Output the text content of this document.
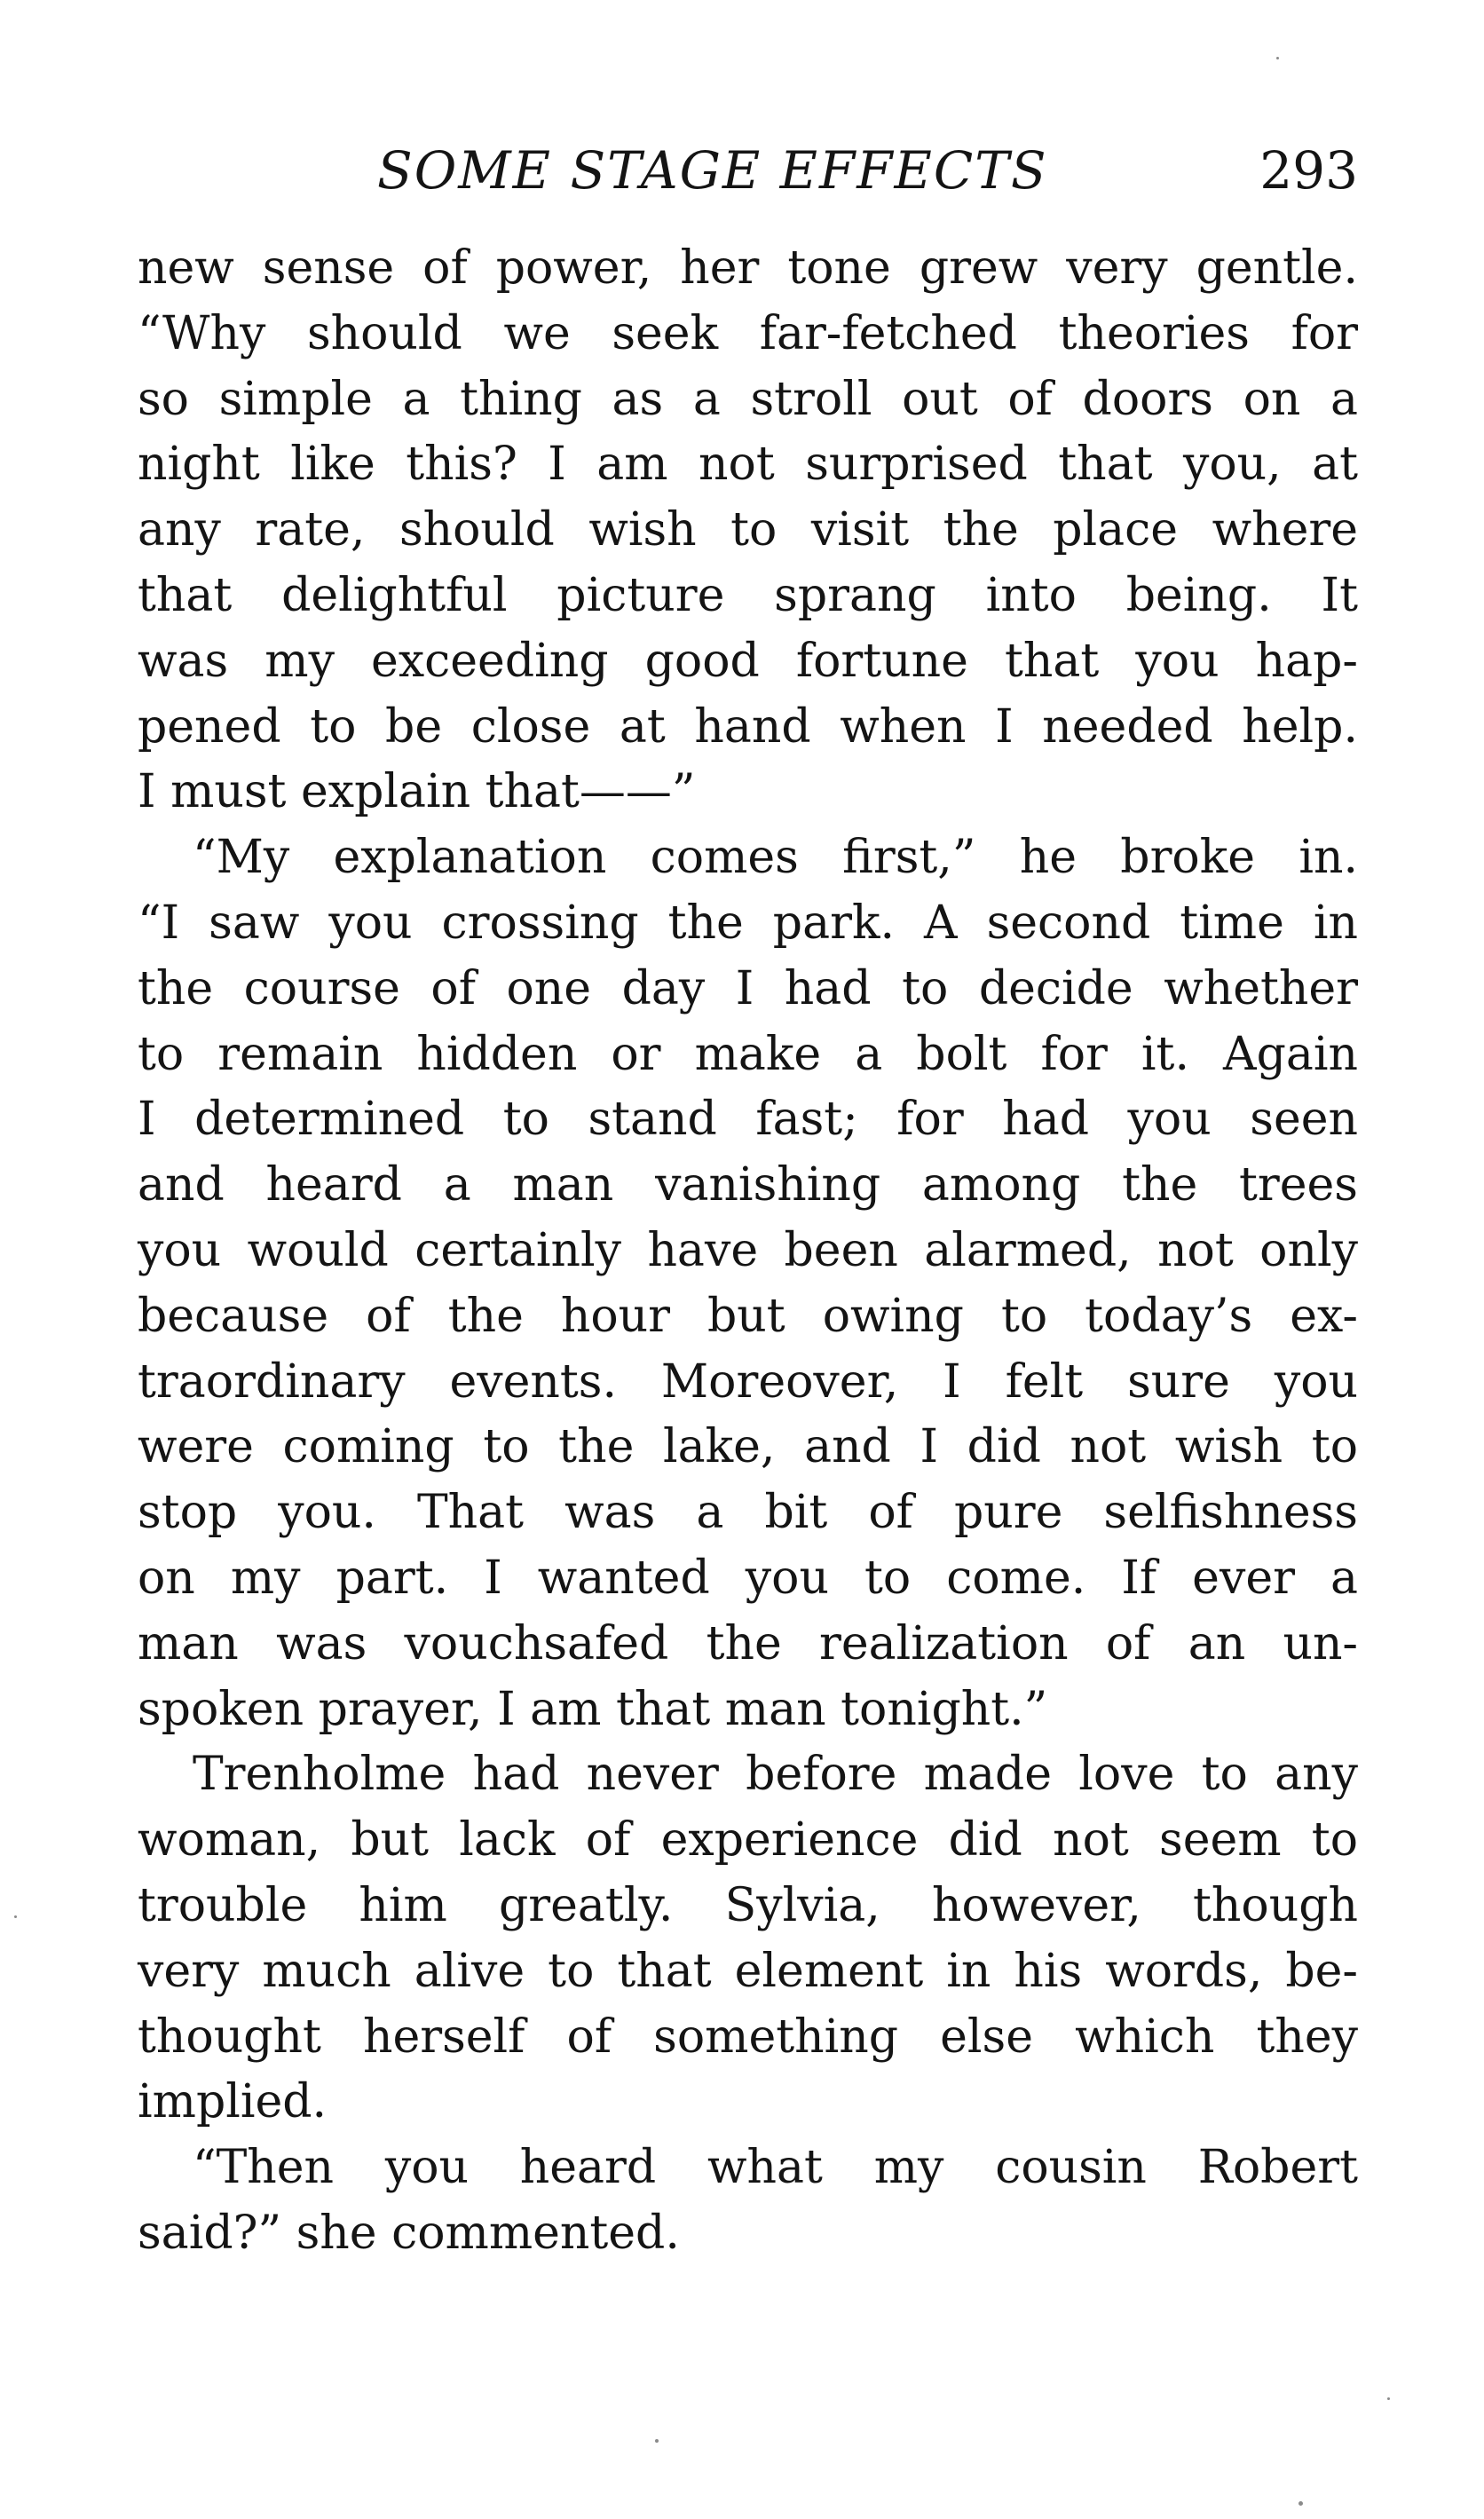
SOME STAGE EFFECTS	293
new sense of power, her tone grew very gentle.
“Why should we seek far-fetched theories for
so simple a thing as a stroll out of doors on a
night like this? I am not surprised that you, at
any rate, should wish to visit the place where
that delightful picture sprang into being. It
was my exceeding good fortune that you hap-
pened to be close at hand when I needed help.
I must explain that——”
“My explanation comes first,” he broke in.
“I saw you crossing the park. A second time in
the course of one day I had to decide whether
to remain hidden or make a bolt for it. Again
I determined to stand fast; for had you seen
and heard a man vanishing among the trees
you would certainly have been alarmed, not only
because of the hour but owing to today’s ex-
traordinary events. Moreover, I felt sure you
were coming to the lake, and I did not wish to
stop you. That was a bit of pure selfishness
on my part. I wanted you to come. If ever a
man was vouchsafed the realization of an un-
spoken prayer, I am that man tonight.”
Trenholme had never before made love to any
woman, but lack of experience did not seem to
trouble him greatly. Sylvia, however, though
very much alive to that element in his words, be-
thought herself of something else which they
implied.
“Then you heard what my cousin Robert
said?” she commented.
